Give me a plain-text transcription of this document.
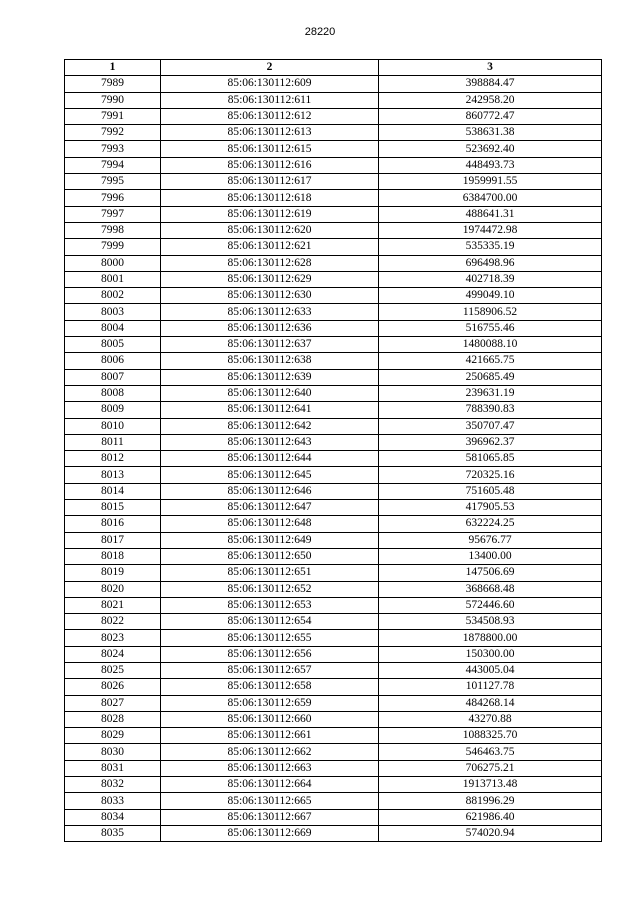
28220
1	2	3
7989	85:06:130112:609	398884.47
7990	85:06:130112:611	242958.20
7991	85:06:130112:612	860772.47
7992	85:06:130112:613	538631.38
7993	85:06:130112:615	523692.40
7994	85:06:130112:616	448493.73
7995	85:06:130112:617	1959991.55
7996	85:06:130112:618	6384700.00
7997	85:06:130112:619	488641.31
7998	85:06:130112:620	1974472.98
7999	85:06:130112:621	535335.19
8000	85:06:130112:628	696498.96
8001	85:06:130112:629	402718.39
8002	85:06:130112:630	499049.10
8003	85:06:130112:633	1158906.52
8004	85:06:130112:636	516755.46
8005	85:06:130112:637	1480088.10
8006	85:06:130112:638	421665.75
8007	85:06:130112:639	250685.49
8008	85:06:130112:640	239631.19
8009	85:06:130112:641	788390.83
8010	85:06:130112:642	350707.47
8011	85:06:130112:643	396962.37
8012	85:06:130112:644	581065.85
8013	85:06:130112:645	720325.16
8014	85:06:130112:646	751605.48
8015	85:06:130112:647	417905.53
8016	85:06:130112:648	632224.25
8017	85:06:130112:649	95676.77
8018	85:06:130112:650	13400.00
8019	85:06:130112:651	147506.69
8020	85:06:130112:652	368668.48
8021	85:06:130112:653	572446.60
8022	85:06:130112:654	534508.93
8023	85:06:130112:655	1878800.00
8024	85:06:130112:656	150300.00
8025	85:06:130112:657	443005.04
8026	85:06:130112:658	101127.78
8027	85:06:130112:659	484268.14
8028	85:06:130112:660	43270.88
8029	85:06:130112:661	1088325.70
8030	85:06:130112:662	546463.75
8031	85:06:130112:663	706275.21
8032	85:06:130112:664	1913713.48
8033	85:06:130112:665	881996.29
8034	85:06:130112:667	621986.40
8035	85:06:130112:669	574020.94
